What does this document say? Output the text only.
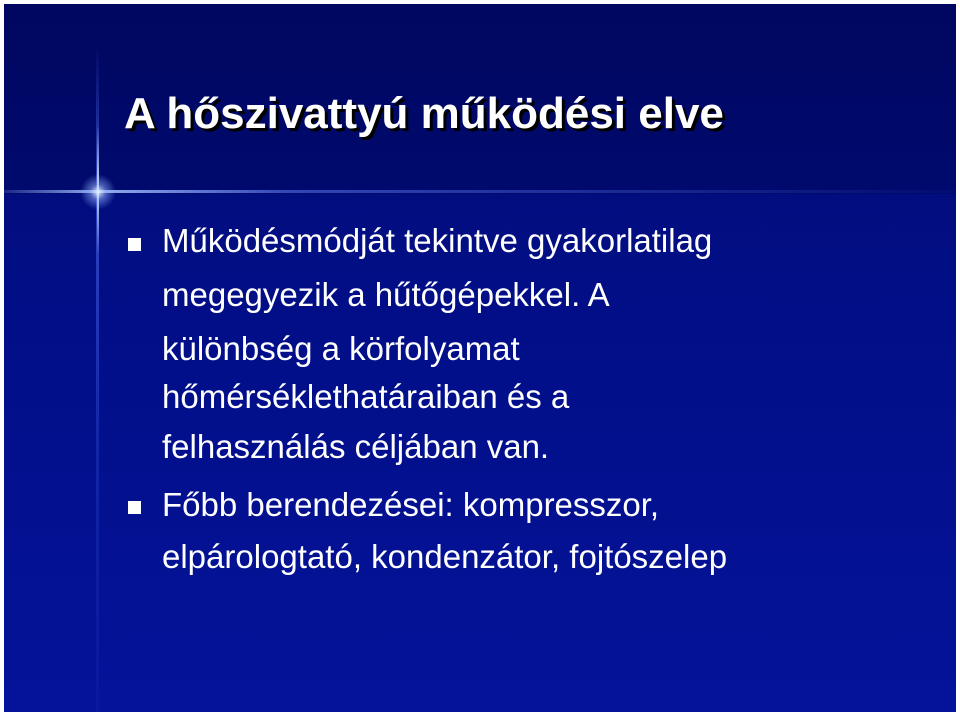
A hőszivattyú működési elve
Működésmódját tekintve gyakorlatilag
megegyezik a hűtőgépekkel. A
különbség a körfolyamat
hőmérséklethatáraiban és a
felhasználás céljában van.
Főbb berendezései: kompresszor,
elpárologtató, kondenzátor, fojtószelep
